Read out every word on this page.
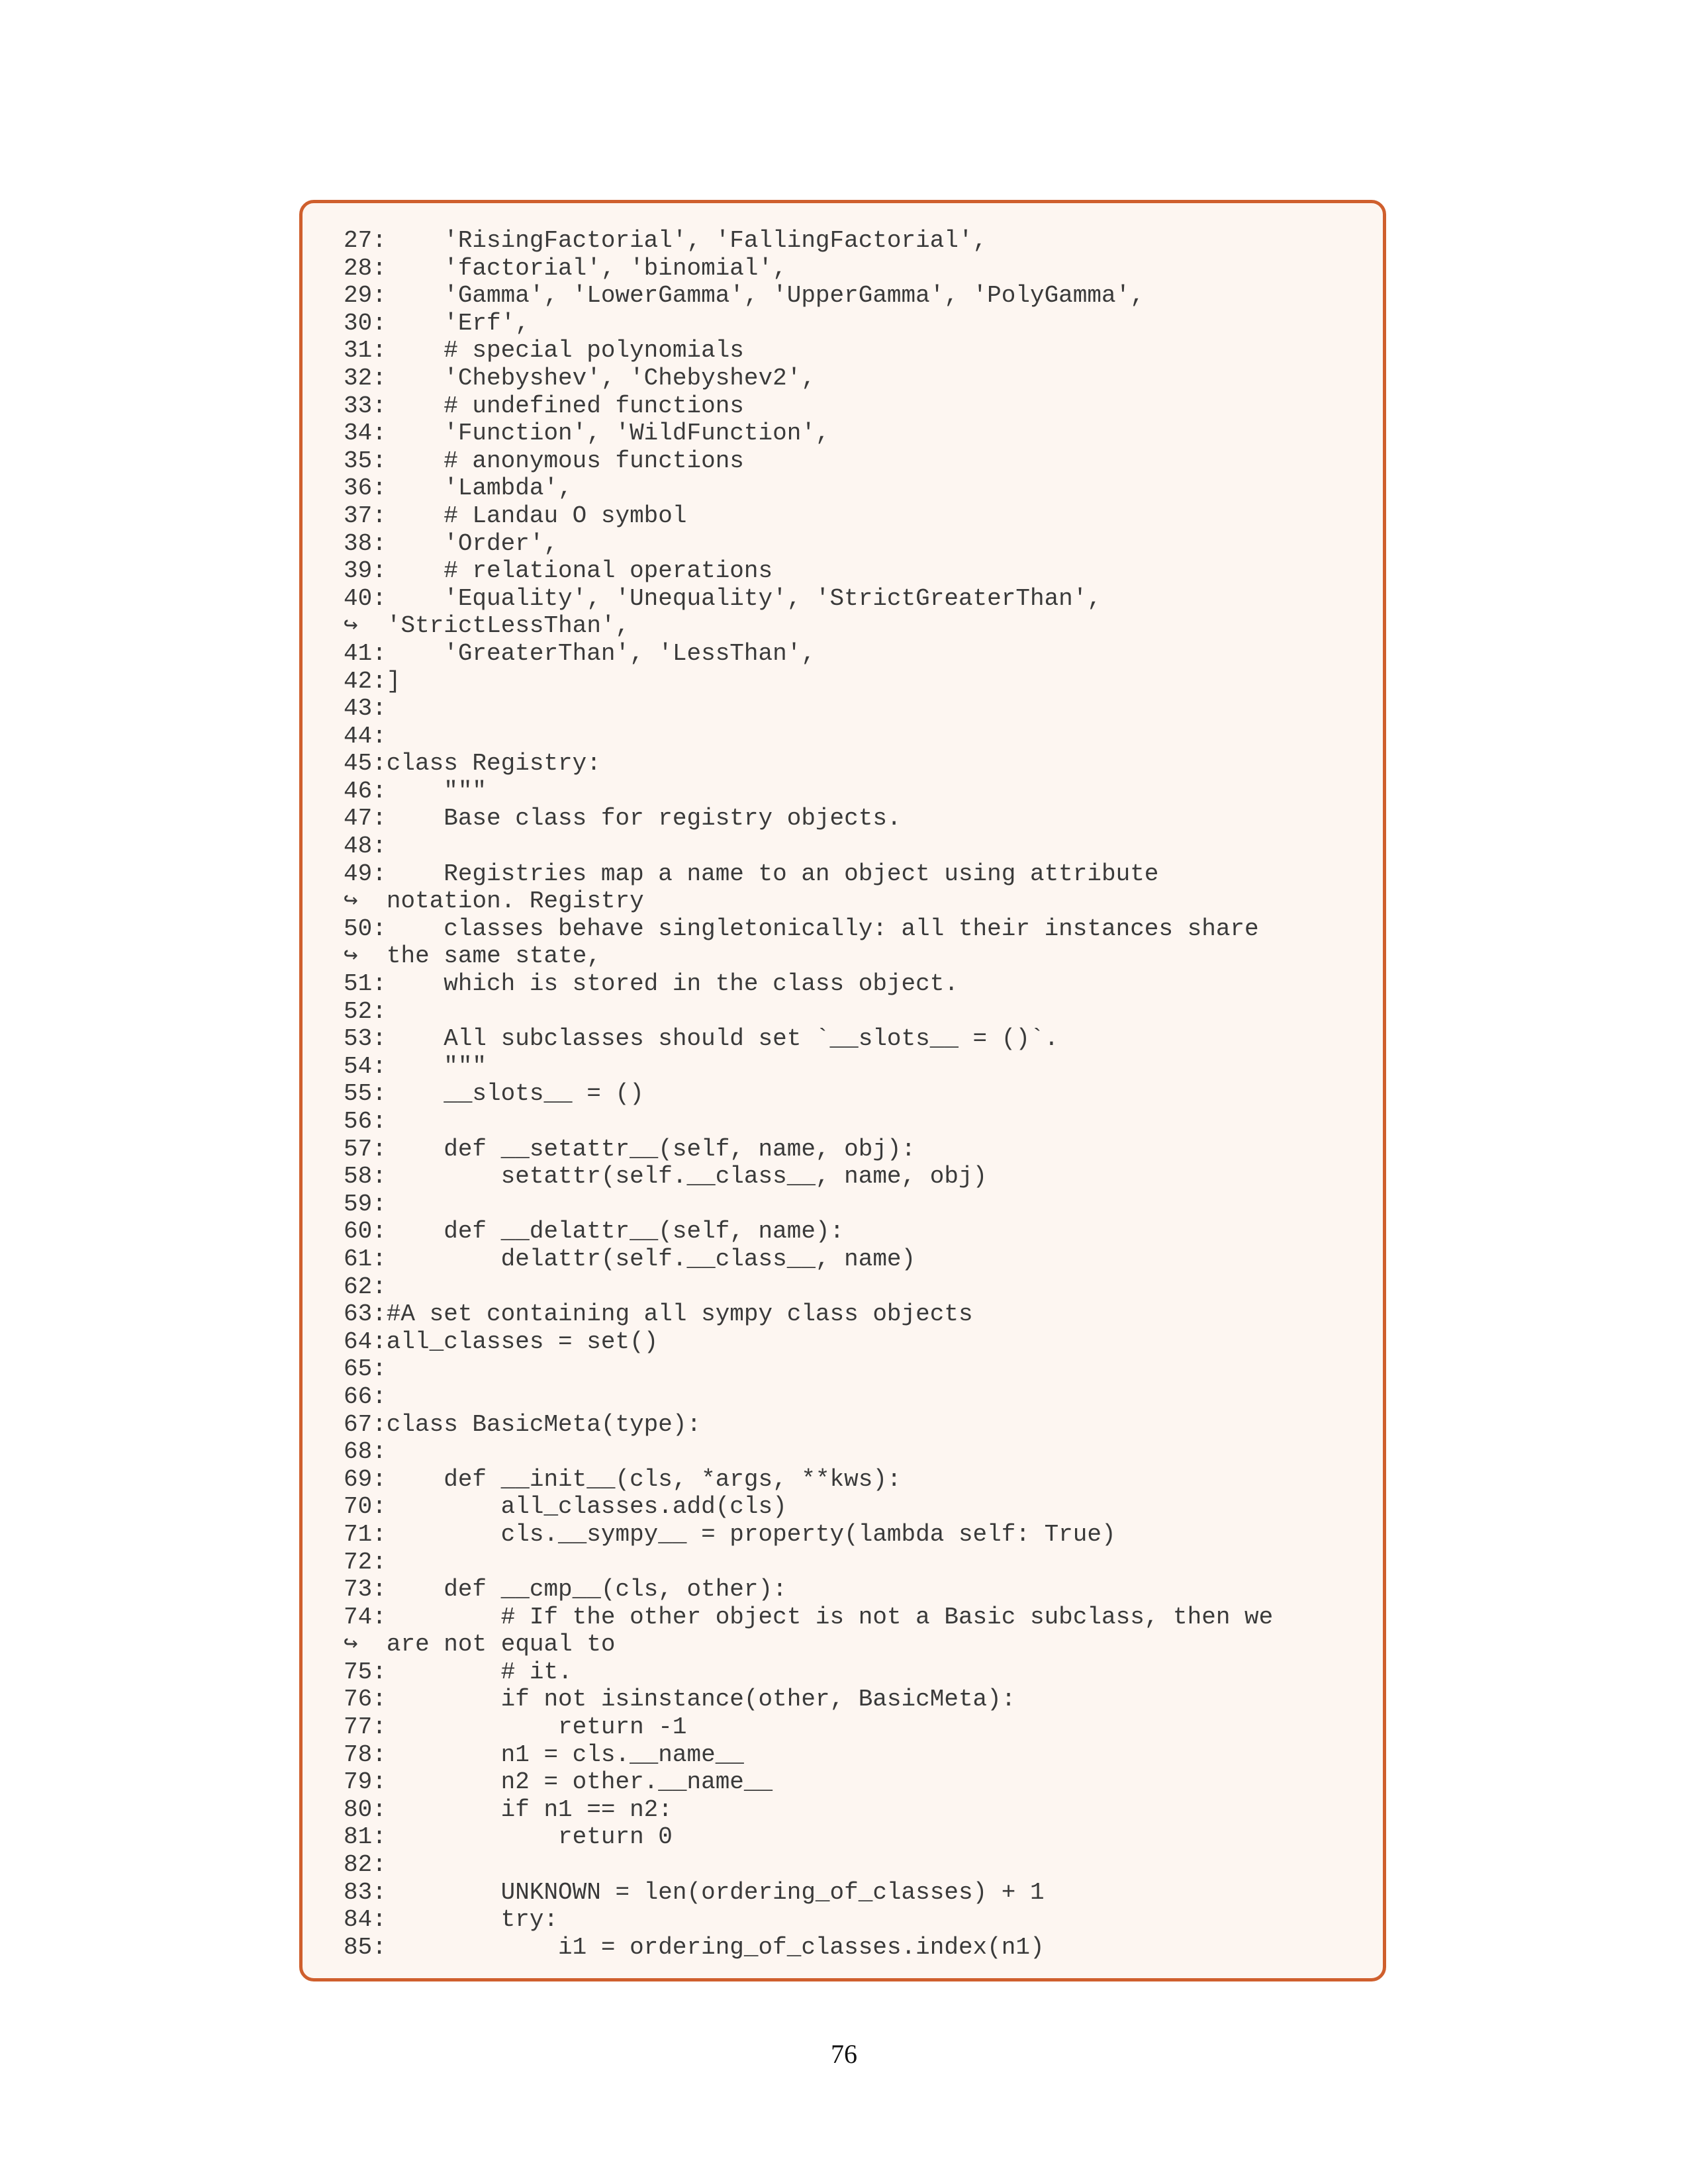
27:    'RisingFactorial', 'FallingFactorial',
28:    'factorial', 'binomial',
29:    'Gamma', 'LowerGamma', 'UpperGamma', 'PolyGamma',
30:    'Erf',
31:    # special polynomials
32:    'Chebyshev', 'Chebyshev2',
33:    # undefined functions
34:    'Function', 'WildFunction',
35:    # anonymous functions
36:    'Lambda',
37:    # Landau O symbol
38:    'Order',
39:    # relational operations
40:    'Equality', 'Unequality', 'StrictGreaterThan',
↪  'StrictLessThan',
41:    'GreaterThan', 'LessThan',
42:]
43:
44:
45:class Registry:
46:    """
47:    Base class for registry objects.
48:
49:    Registries map a name to an object using attribute
↪  notation. Registry
50:    classes behave singletonically: all their instances share
↪  the same state,
51:    which is stored in the class object.
52:
53:    All subclasses should set `__slots__ = ()`.
54:    """
55:    __slots__ = ()
56:
57:    def __setattr__(self, name, obj):
58:        setattr(self.__class__, name, obj)
59:
60:    def __delattr__(self, name):
61:        delattr(self.__class__, name)
62:
63:#A set containing all sympy class objects
64:all_classes = set()
65:
66:
67:class BasicMeta(type):
68:
69:    def __init__(cls, *args, **kws):
70:        all_classes.add(cls)
71:        cls.__sympy__ = property(lambda self: True)
72:
73:    def __cmp__(cls, other):
74:        # If the other object is not a Basic subclass, then we
↪  are not equal to
75:        # it.
76:        if not isinstance(other, BasicMeta):
77:            return -1
78:        n1 = cls.__name__
79:        n2 = other.__name__
80:        if n1 == n2:
81:            return 0
82:
83:        UNKNOWN = len(ordering_of_classes) + 1
84:        try:
85:            i1 = ordering_of_classes.index(n1)
76
